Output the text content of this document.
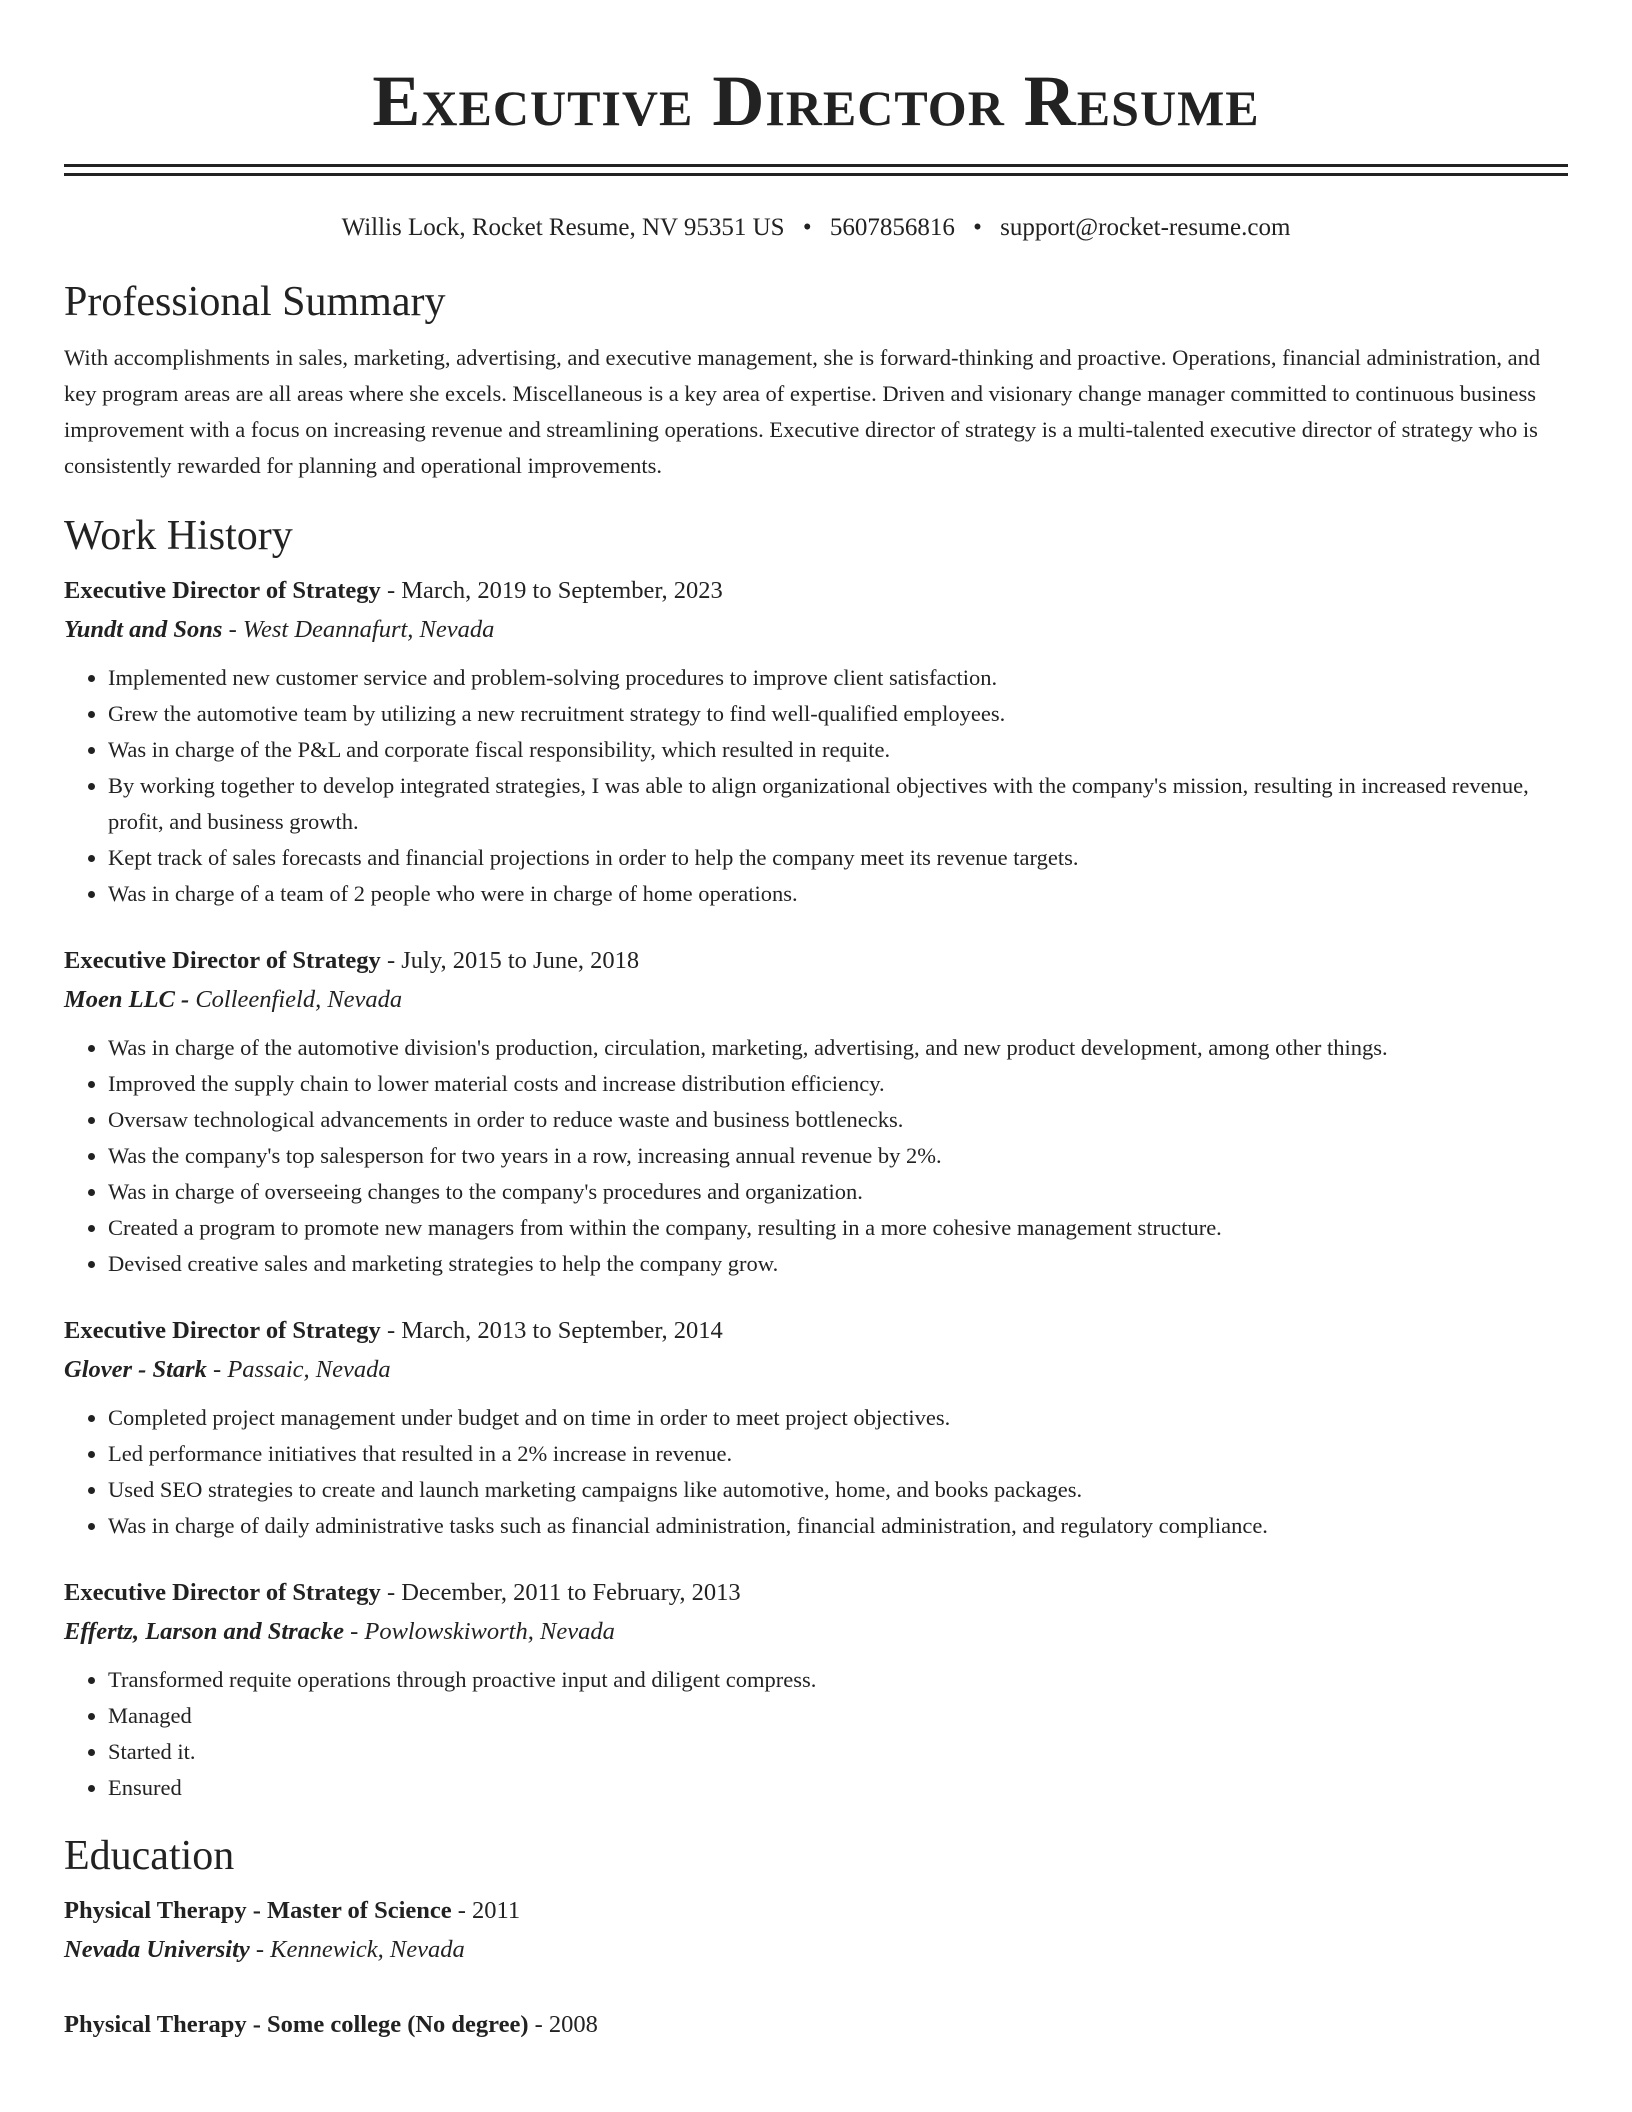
Executive Director Resume
Willis Lock, Rocket Resume, NV 95351 US • 5607856816 • support@rocket-resume.com
Professional Summary

With accomplishments in sales, marketing, advertising, and executive management, she is forward-thinking and proactive. Operations, financial administration, and key program areas are all areas where she excels. Miscellaneous is a key area of expertise. Driven and visionary change manager committed to continuous business improvement with a focus on increasing revenue and streamlining operations. Executive director of strategy is a multi-talented executive director of strategy who is consistently rewarded for planning and operational improvements.

Work History

Executive Director of Strategy - March, 2019 to September, 2023

Yundt and Sons - West Deannafurt, Nevada

• Implemented new customer service and problem-solving procedures to improve client satisfaction.
• Grew the automotive team by utilizing a new recruitment strategy to find well-qualified employees.
• Was in charge of the P&L and corporate fiscal responsibility, which resulted in requite.
• By working together to develop integrated strategies, I was able to align organizational objectives with the company's mission, resulting in increased revenue, profit, and business growth.
• Kept track of sales forecasts and financial projections in order to help the company meet its revenue targets.
• Was in charge of a team of 2 people who were in charge of home operations.

Executive Director of Strategy - July, 2015 to June, 2018

Moen LLC - Colleenfield, Nevada

• Was in charge of the automotive division's production, circulation, marketing, advertising, and new product development, among other things.
• Improved the supply chain to lower material costs and increase distribution efficiency.
• Oversaw technological advancements in order to reduce waste and business bottlenecks.
• Was the company's top salesperson for two years in a row, increasing annual revenue by 2%.
• Was in charge of overseeing changes to the company's procedures and organization.
• Created a program to promote new managers from within the company, resulting in a more cohesive management structure.
• Devised creative sales and marketing strategies to help the company grow.

Executive Director of Strategy - March, 2013 to September, 2014

Glover - Stark - Passaic, Nevada

• Completed project management under budget and on time in order to meet project objectives.
• Led performance initiatives that resulted in a 2% increase in revenue.
• Used SEO strategies to create and launch marketing campaigns like automotive, home, and books packages.
• Was in charge of daily administrative tasks such as financial administration, financial administration, and regulatory compliance.

Executive Director of Strategy - December, 2011 to February, 2013

Effertz, Larson and Stracke - Powlowskiworth, Nevada

• Transformed requite operations through proactive input and diligent compress.
• Managed
• Started it.
• Ensured
Education

Physical Therapy - Master of Science - 2011

Nevada University - Kennewick, Nevada

Physical Therapy - Some college (No degree) - 2008
